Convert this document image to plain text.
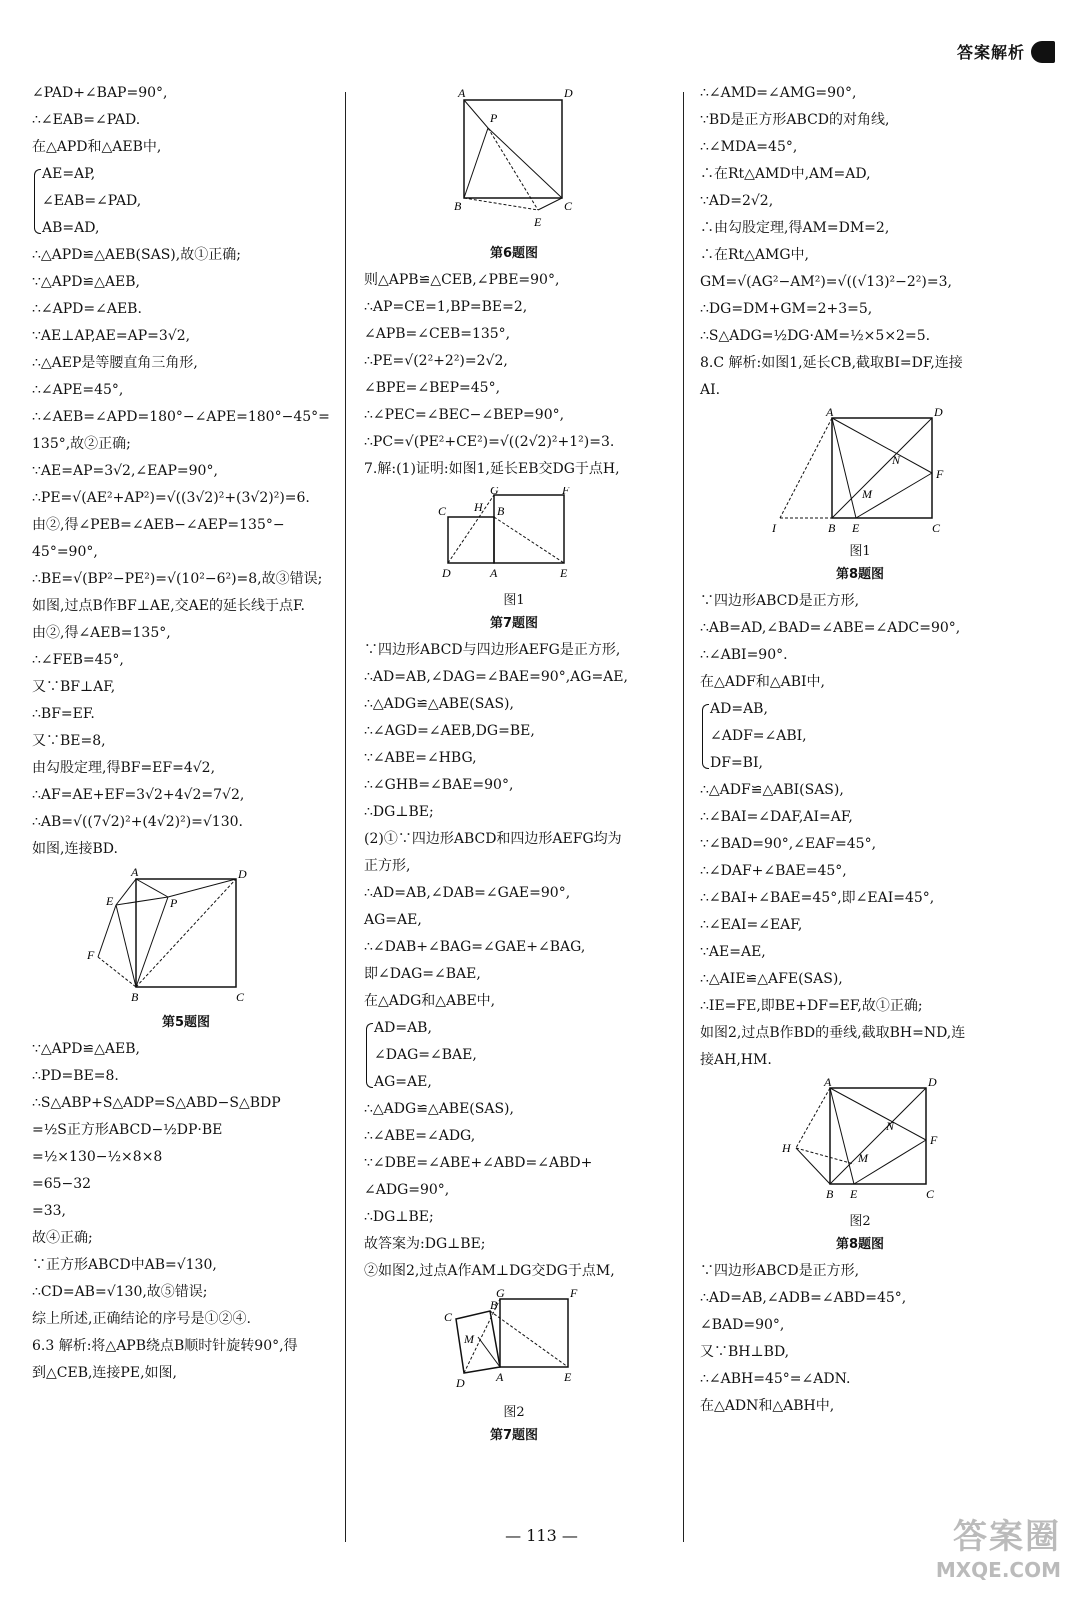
答案解析
∠PAD+∠BAP=90°,
∴∠EAB=∠PAD.
在△APD和△AEB中,
AE=AP,
∠EAB=∠PAD,
AB=AD,
∴△APD≌△AEB(SAS),故①正确;
∵△APD≌△AEB,
∴∠APD=∠AEB.
∵AE⊥AP,AE=AP=3√2,
∴△AEP是等腰直角三角形,
∴∠APE=45°,
∴∠AEB=∠APD=180°−∠APE=180°−45°=
135°,故②正确;
∵AE=AP=3√2,∠EAP=90°,
∴PE=√(AE²+AP²)=√((3√2)²+(3√2)²)=6.
由②,得∠PEB=∠AEB−∠AEP=135°−
45°=90°,
∴BE=√(BP²−PE²)=√(10²−6²)=8,故③错误;
如图,过点B作BF⊥AE,交AE的延长线于点F.
由②,得∠AEB=135°,
∴∠FEB=45°,
又∵BF⊥AF,
∴BF=EF.
又∵BE=8,
由勾股定理,得BF=EF=4√2,
∴AF=AE+EF=3√2+4√2=7√2,
∴AB=√((7√2)²+(4√2)²)=√130.
如图,连接BD.
A	D
E	P
F
B	C
第5题图
∵△APD≌△AEB,
∴PD=BE=8.
∴S△ABP+S△ADP=S△ABD−S△BDP
=½S正方形ABCD−½DP·BE
=½×130−½×8×8
=65−32
=33,
故④正确;
∵正方形ABCD中AB=√130,
∴CD=AB=√130,故⑤错误;
综上所述,正确结论的序号是①②④.
6.3 解析:将△APB绕点B顺时针旋转90°,得
到△CEB,连接PE,如图,
A	D
P
B	C
E
第6题图
则△APB≌△CEB,∠PBE=90°,
∴AP=CE=1,BP=BE=2,
∠APB=∠CEB=135°,
∴PE=√(2²+2²)=2√2,
∠BPE=∠BEP=45°,
∴∠PEC=∠BEC−∠BEP=90°,
∴PC=√(PE²+CE²)=√((2√2)²+1²)=3.
7.解:(1)证明:如图1,延长EB交DG于点H,
G	F
C H B
D	A	E
图1
第7题图
∵四边形ABCD与四边形AEFG是正方形,
∴AD=AB,∠DAG=∠BAE=90°,AG=AE,
∴△ADG≌△ABE(SAS),
∴∠AGD=∠AEB,DG=BE,
∵∠ABE=∠HBG,
∴∠GHB=∠BAE=90°,
∴DG⊥BE;
(2)①∵四边形ABCD和四边形AEFG均为
正方形,
∴AD=AB,∠DAB=∠GAE=90°,
AG=AE,
∴∠DAB+∠BAG=∠GAE+∠BAG,
即∠DAG=∠BAE,
在△ADG和△ABE中,
AD=AB,
∠DAG=∠BAE,
AG=AE,
∴△ADG≌△ABE(SAS),
∴∠ABE=∠ADG,
∵∠DBE=∠ABE+∠ABD=∠ABD+
∠ADG=90°,
∴DG⊥BE;
故答案为:DG⊥BE;
②如图2,过点A作AM⊥DG交DG于点M,
G	F
C
B
M
D	A	E
图2
第7题图
∴∠AMD=∠AMG=90°,
∵BD是正方形ABCD的对角线,
∴∠MDA=45°,
∴在Rt△AMD中,AM=AD,
∵AD=2√2,
∴由勾股定理,得AM=DM=2,
∴在Rt△AMG中,
GM=√(AG²−AM²)=√((√13)²−2²)=3,
∴DG=DM+GM=2+3=5,
∴S△ADG=½DG·AM=½×5×2=5.
8.C 解析:如图1,延长CB,截取BI=DF,连接
AI.
A	D
N
F
M
I	B E	C
图1
第8题图
∵四边形ABCD是正方形,
∴AB=AD,∠BAD=∠ABE=∠ADC=90°,
∴∠ABI=90°.
在△ADF和△ABI中,
AD=AB,
∠ADF=∠ABI,
DF=BI,
∴△ADF≌△ABI(SAS),
∴∠BAI=∠DAF,AI=AF,
∵∠BAD=90°,∠EAF=45°,
∴∠DAF+∠BAE=45°,
∴∠BAI+∠BAE=45°,即∠EAI=45°,
∴∠EAI=∠EAF,
∵AE=AE,
∴△AIE≌△AFE(SAS),
∴IE=FE,即BE+DF=EF,故①正确;
如图2,过点B作BD的垂线,截取BH=ND,连
接AH,HM.
A	D
N
H
M
F
B E	C
图2
第8题图
∵四边形ABCD是正方形,
∴AD=AB,∠ADB=∠ABD=45°,
∠BAD=90°,
又∵BH⊥BD,
∴∠ABH=45°=∠ADN.
在△ADN和△ABH中,
— 113 —	答案圈
MXQE.COM
